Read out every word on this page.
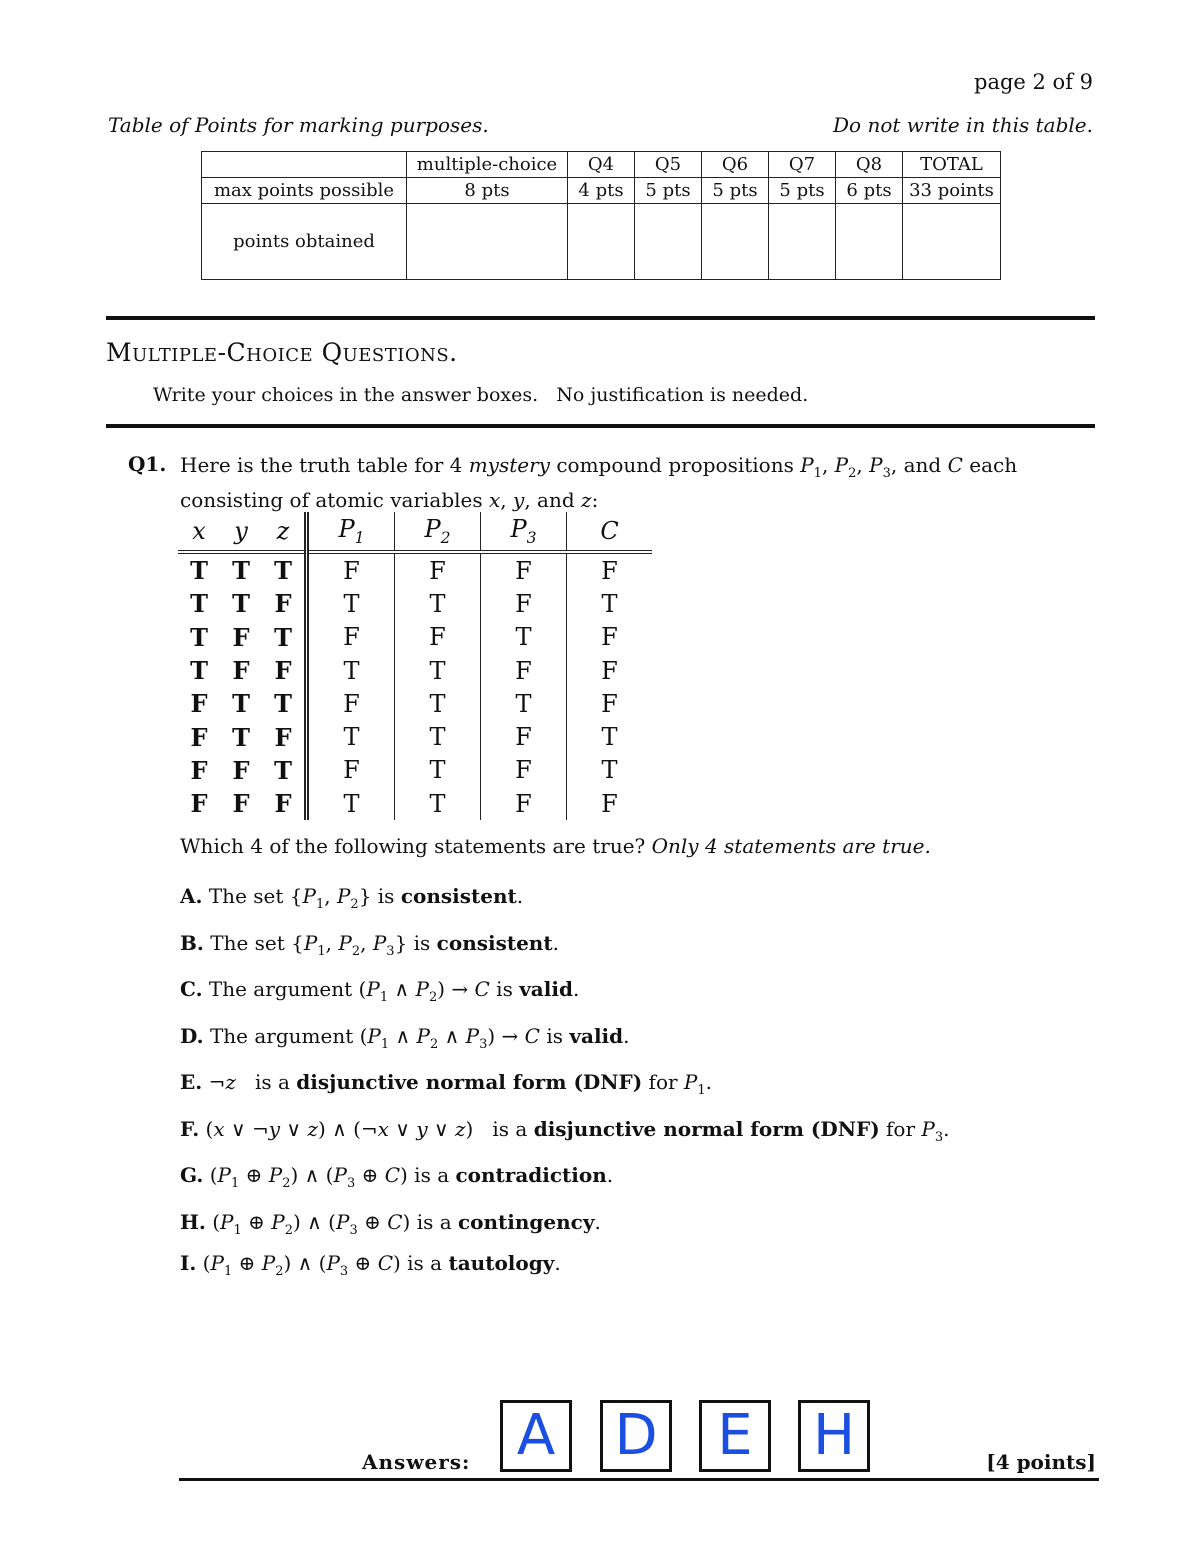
page 2 of 9
Table of Points for marking purposes.	Do not write in this table.
	multiple-choice	Q4	Q5	Q6	Q7	Q8	TOTAL
max points possible	8 pts	4 pts	5 pts	5 pts	5 pts	6 pts	33 points
points obtained							
Multiple-Choice Questions.
Write your choices in the answer boxes.   No justification is needed.
Q1. Here is the truth table for 4 mystery compound propositions $P_1$, $P_2$, $P_3$, and C each consisting of atomic variables x, y, and z:
x	y	z	$P_1$	$P_2$	$P_3$	C
T	T	T	F	F	F	F
T	T	F	T	T	F	T
T	F	T	F	F	T	F
T	F	F	T	T	F	F
F	T	T	F	T	T	F
F	T	F	T	T	F	T
F	F	T	F	T	F	T
F	F	F	T	T	F	F
Which 4 of the following statements are true? Only 4 statements are true.
A. The set {$P_1$, $P_2$} is consistent.
B. The set {$P_1$, $P_2$, $P_3$} is consistent.
C. The argument ($P_1$ ∧ $P_2) \to C$ is valid.
D. The argument ($P_1$ ∧ $P_2$ ∧ $P_3) \to C$ is valid.
E. ¬z   is a disjunctive normal form (DNF) for $P_1$.
F. (x ∨ ¬y ∨ z) ∧ (¬x ∨ y ∨ z)   is a disjunctive normal form (DNF) for $P_3$.
G. ($P_1$ ⊕ $P_2$) ∧ ($P_3$ ⊕ C) is a contradiction.
H. ($P_1$ ⊕ $P_2$) ∧ ($P_3$ ⊕ C) is a contingency.
I. ($P_1$ ⊕ $P_2$) ∧ ($P_3$ ⊕ C) is a tautology.
Answers: A D E H	[4 points]
